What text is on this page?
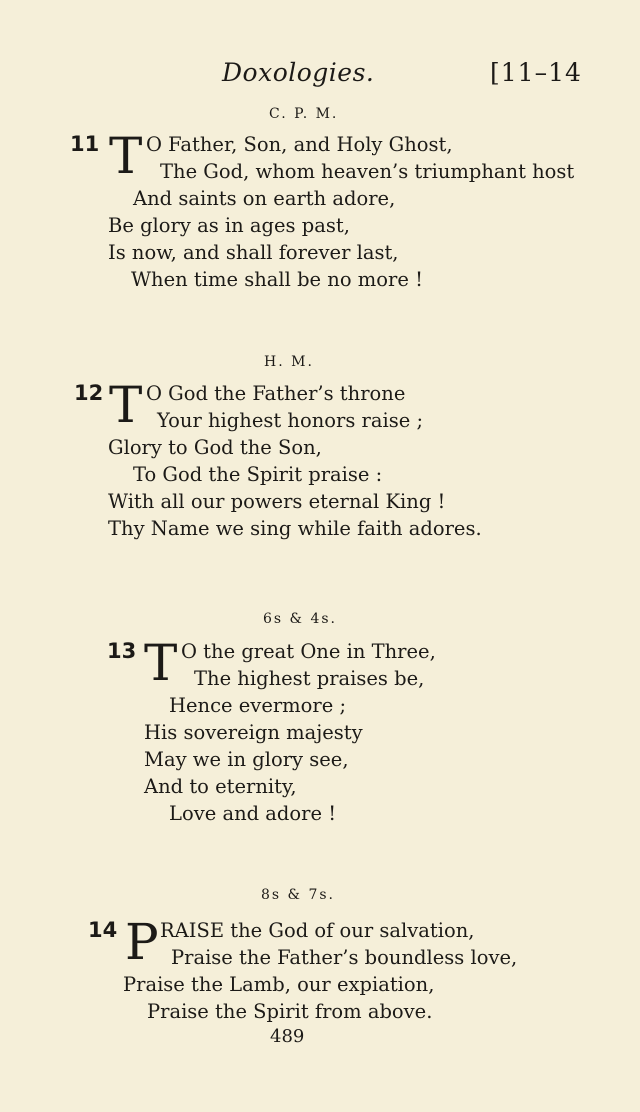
Doxologies.	[11–14
C. P. M.
11 T O Father, Son, and Holy Ghost,
The God, whom heaven’s triumphant host
And saints on earth adore,
Be glory as in ages past,
Is now, and shall forever last,
When time shall be no more !
H. M.
12 T O God the Father’s throne
Your highest honors raise ;
Glory to God the Son,
To God the Spirit praise :
With all our powers eternal King !
Thy Name we sing while faith adores.
6s & 4s.
13 T O the great One in Three,
The highest praises be,
Hence evermore ;
His sovereign majesty
May we in glory see,
And to eternity,
Love and adore !
8s & 7s.
14 P RAISE the God of our salvation,
Praise the Father’s boundless love,
Praise the Lamb, our expiation,
Praise the Spirit from above.
489
